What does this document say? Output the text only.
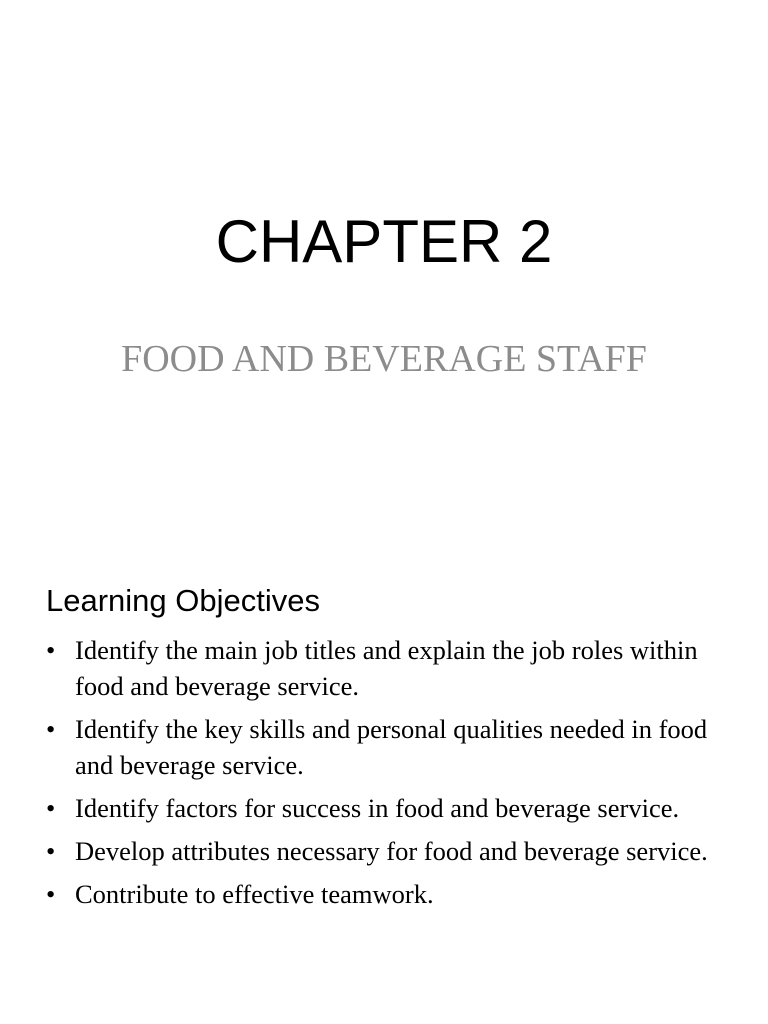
CHAPTER 2

FOOD AND BEVERAGE STAFF

Learning Objectives
• Identify the main job titles and explain the job roles within food and beverage service.
• Identify the key skills and personal qualities needed in food and beverage service.
• Identify factors for success in food and beverage service.
• Develop attributes necessary for food and beverage service.
• Contribute to effective teamwork.
